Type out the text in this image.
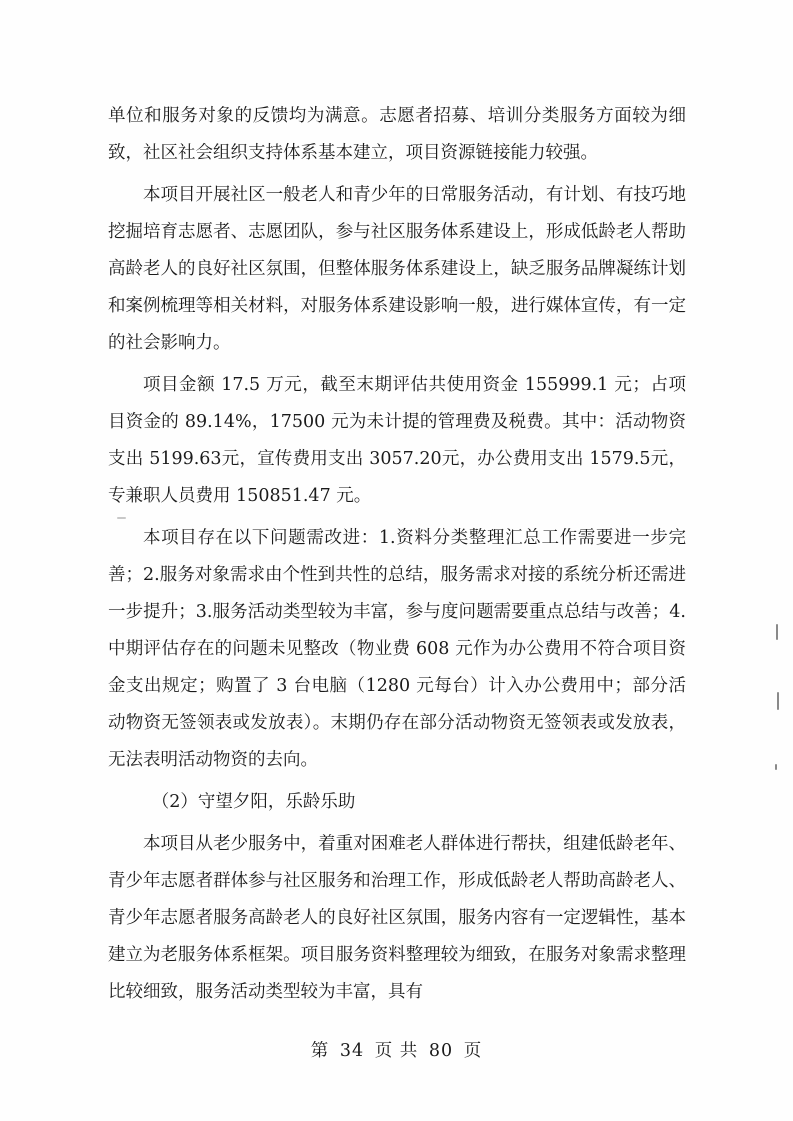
单位和服务对象的反馈均为满意。志愿者招募、培训分类服务方面较为细致，社区社会组织支持体系基本建立，项目资源链接能力较强。

本项目开展社区一般老人和青少年的日常服务活动，有计划、有技巧地挖掘培育志愿者、志愿团队，参与社区服务体系建设上，形成低龄老人帮助高龄老人的良好社区氛围，但整体服务体系建设上，缺乏服务品牌凝练计划和案例梳理等相关材料，对服务体系建设影响一般，进行媒体宣传，有一定的社会影响力。

项目金额 17.5 万元，截至末期评估共使用资金 155999.1 元；占项目资金的 89.14%，17500 元为未计提的管理费及税费。其中：活动物资支出 5199.63元，宣传费用支出 3057.20元，办公费用支出 1579.5元，专兼职人员费用 150851.47 元。

本项目存在以下问题需改进：1.资料分类整理汇总工作需要进一步完善；2.服务对象需求由个性到共性的总结，服务需求对接的系统分析还需进一步提升；3.服务活动类型较为丰富，参与度问题需要重点总结与改善；4.中期评估存在的问题未见整改（物业费 608 元作为办公费用不符合项目资金支出规定；购置了 3 台电脑（1280 元每台）计入办公费用中；部分活动物资无签领表或发放表）。末期仍存在部分活动物资无签领表或发放表，无法表明活动物资的去向。

（2）守望夕阳，乐龄乐助

本项目从老少服务中，着重对困难老人群体进行帮扶，组建低龄老年、青少年志愿者群体参与社区服务和治理工作，形成低龄老人帮助高龄老人、青少年志愿者服务高龄老人的良好社区氛围，服务内容有一定逻辑性，基本建立为老服务体系框架。项目服务资料整理较为细致，在服务对象需求整理比较细致，服务活动类型较为丰富，具有

第 34 页 共 80 页
